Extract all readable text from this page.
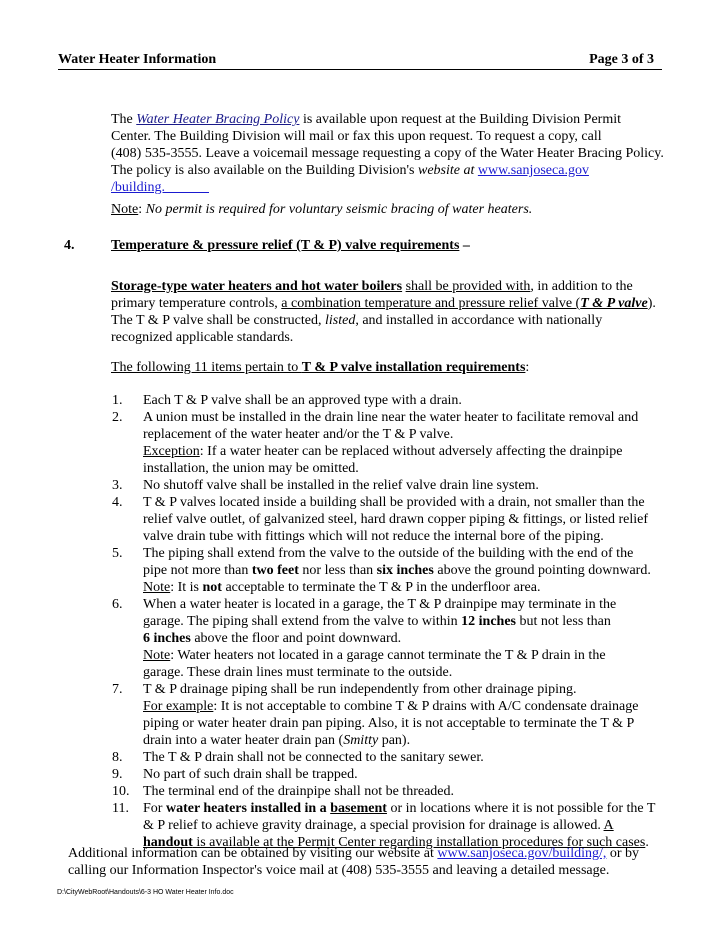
Water Heater Information	Page 3 of 3
The Water Heater Bracing Policy is available upon request at the Building Division Permit
Center. The Building Division will mail or fax this upon request. To request a copy, call
(408) 535-3555. Leave a voicemail message requesting a copy of the Water Heater Bracing Policy.
The policy is also available on the Building Division's website at www.sanjoseca.gov
/building.
Note: No permit is required for voluntary seismic bracing of water heaters.
4.	Temperature & pressure relief (T & P) valve requirements –
Storage-type water heaters and hot water boilers shall be provided with, in addition to the
primary temperature controls, a combination temperature and pressure relief valve (T & P valve).
The T & P valve shall be constructed, listed, and installed in accordance with nationally
recognized applicable standards.
The following 11 items pertain to T & P valve installation requirements:
1. Each T & P valve shall be an approved type with a drain.
2. A union must be installed in the drain line near the water heater to facilitate removal and
replacement of the water heater and/or the T & P valve.
Exception: If a water heater can be replaced without adversely affecting the drainpipe
installation, the union may be omitted.
3. No shutoff valve shall be installed in the relief valve drain line system.
4. T & P valves located inside a building shall be provided with a drain, not smaller than the
relief valve outlet, of galvanized steel, hard drawn copper piping & fittings, or listed relief
valve drain tube with fittings which will not reduce the internal bore of the piping.
5. The piping shall extend from the valve to the outside of the building with the end of the
pipe not more than two feet nor less than six inches above the ground pointing downward.
Note: It is not acceptable to terminate the T & P in the underfloor area.
6. When a water heater is located in a garage, the T & P drainpipe may terminate in the
garage. The piping shall extend from the valve to within 12 inches but not less than
6 inches above the floor and point downward.
Note: Water heaters not located in a garage cannot terminate the T & P drain in the
garage. These drain lines must terminate to the outside.
7. T & P drainage piping shall be run independently from other drainage piping.
For example: It is not acceptable to combine T & P drains with A/C condensate drainage
piping or water heater drain pan piping. Also, it is not acceptable to terminate the T & P
drain into a water heater drain pan (Smitty pan).
8. The T & P drain shall not be connected to the sanitary sewer.
9. No part of such drain shall be trapped.
10. The terminal end of the drainpipe shall not be threaded.
11. For water heaters installed in a basement or in locations where it is not possible for the T
& P relief to achieve gravity drainage, a special provision for drainage is allowed. A
handout is available at the Permit Center regarding installation procedures for such cases.
Additional information can be obtained by visiting our website at www.sanjoseca.gov/building/, or by
calling our Information Inspector's voice mail at (408) 535-3555 and leaving a detailed message.
D:\CityWebRoot\Handouts\6-3 HO Water Heater Info.doc
